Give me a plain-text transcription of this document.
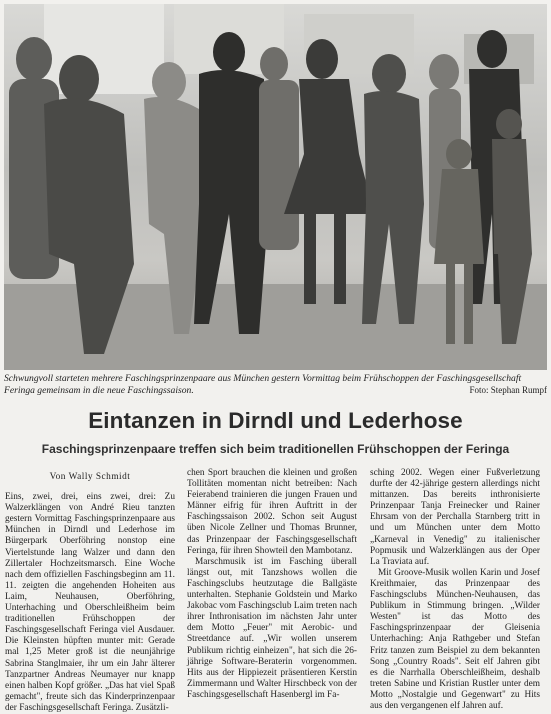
Schwungvoll starteten mehrere Faschingsprinzenpaare aus München gestern Vormittag beim Frühschoppen der Faschingsgesellschaft Feringa gemeinsam in die neue Faschingssaison.	Foto: Stephan Rumpf
Eintanzen in Dirndl und Lederhose
Faschingsprinzenpaare treffen sich beim traditionellen Frühschoppen der Feringa
Von Wally Schmidt

Eins, zwei, drei, eins zwei, drei: Zu Walzerklängen von André Rieu tanzten gestern Vormittag Faschingsprinzenpaare aus München in Dirndl und Lederhose im Bürgerpark Oberföhring nonstop eine Viertelstunde lang Walzer und dann den Zillertaler Hochzeitsmarsch. Eine Woche nach dem offiziellen Faschingsbeginn am 11. 11. zeigten die angehenden Hoheiten aus Laim, Neuhausen, Oberföhring, Unterhaching und Oberschleißheim beim traditionellen Frühschoppen der Faschingsgesellschaft Feringa viel Ausdauer. Die Kleinsten hüpften munter mit: Gerade mal 1,25 Meter groß ist die neunjährige Sabrina Stanglmaier, ihr um ein Jahr älterer Tanzpartner Andreas Neumayer nur knapp einen halben Kopf größer. „Das hat viel Spaß gemacht", freute sich das Kinderprinzenpaar der Faschingsgesellschaft Feringa. Zusätzli-

chen Sport brauchen die kleinen und großen Tollitäten momentan nicht betreiben: Nach Feierabend trainieren die jungen Frauen und Männer eifrig für ihren Auftritt in der Faschingssaison 2002. Schon seit August üben Nicole Zellner und Thomas Brunner, das Prinzenpaar der Faschingsgesellschaft Feringa, für ihren Showteil den Mambotanz.

Marschmusik ist im Fasching überall längst out, mit Tanzshows wollen die Faschingsclubs heutzutage die Ballgäste unterhalten. Stephanie Goldstein und Marko Jakobac vom Faschingsclub Laim treten nach ihrer Inthronisation im nächsten Jahr unter dem Motto „Feuer" mit Aerobic- und Streetdance auf. „Wir wollen unserem Publikum richtig einheizen", hat sich die 26-jährige Software-Beraterin vorgenommen. Hits aus der Hippiezeit präsentieren Kerstin Zimmermann und Walter Hirschbeck von der Faschingsgesellschaft Hasenbergl im Fa-

sching 2002. Wegen einer Fußverletzung durfte der 42-jährige gestern allerdings nicht mittanzen. Das bereits inthronisierte Prinzenpaar Tanja Freinecker und Rainer Ehrsam von der Perchalla Starnberg tritt in und um München unter dem Motto „Karneval in Venedig" zu italienischer Popmusik und Walzerklängen aus der Oper La Traviata auf.

Mit Groove-Musik wollen Karin und Josef Kreithmaier, das Prinzenpaar des Faschingsclubs München-Neuhausen, das Publikum in Stimmung bringen. „Wilder Westen" ist das Motto des Faschingsprinzenpaar der Gleisenia Unterhaching: Anja Rathgeber und Stefan Fritz tanzen zum Beispiel zu dem bekannten Song „Country Roads". Seit elf Jahren gibt es die Narrhalla Oberschleißheim, deshalb treten Sabine und Kristian Rustler unter dem Motto „Nostalgie und Gegenwart" zu Hits aus den vergangenen elf Jahren auf.
